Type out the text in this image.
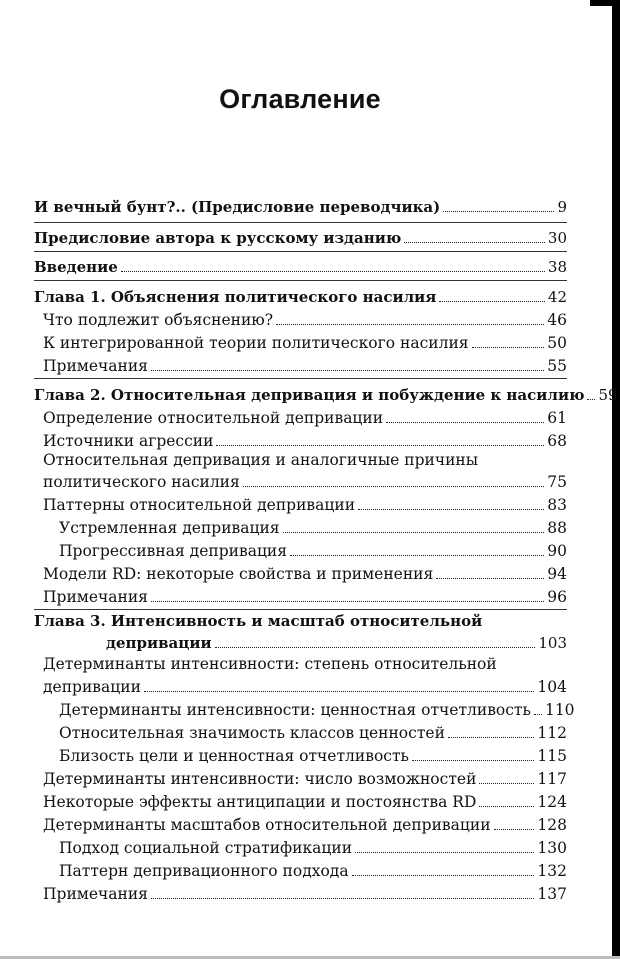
Оглавление
И вечный бунт?.. (Предисловие переводчика)	9
Предисловие автора к русскому изданию	30
Введение	38
Глава 1. Объяснения политического насилия	42
Что подлежит объяснению?	46
К интегрированной теории политического насилия	50
Примечания	55
Глава 2. Относительная депривация и побуждение к насилию 59
Определение относительной депривации	61
Источники агрессии	68
Относительная депривация и аналогичные причины
политического насилия	75
Паттерны относительной депривации	83
Устремленная депривация	88
Прогрессивная депривация	90
Модели RD: некоторые свойства и применения	94
Примечания	96
Глава 3. Интенсивность и масштаб относительной
депривации	103
Детерминанты интенсивности: степень относительной
депривации	104
Детерминанты интенсивности: ценностная отчетливость 110
Относительная значимость классов ценностей	112
Близость цели и ценностная отчетливость	115
Детерминанты интенсивности: число возможностей	117
Некоторые эффекты антиципации и постоянства RD	124
Детерминанты масштабов относительной депривации	128
Подход социальной стратификации	130
Паттерн депривационного подхода	132
Примечания	137
